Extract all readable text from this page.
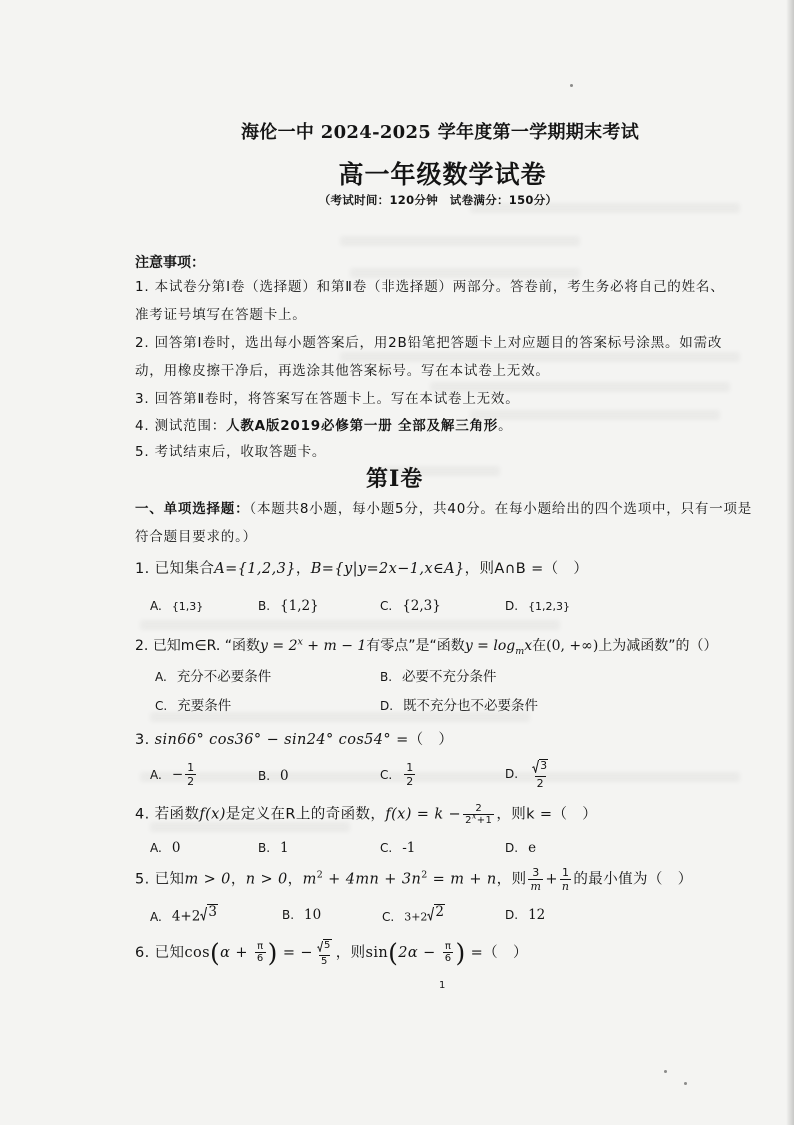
海伦一中 2024-2025 学年度第一学期期末考试
高一年级数学试卷
（考试时间：120分钟　试卷满分：150分）
注意事项：
1. 本试卷分第Ⅰ卷（选择题）和第Ⅱ卷（非选择题）两部分。答卷前，考生务必将自己的姓名、
准考证号填写在答题卡上。
2. 回答第Ⅰ卷时，选出每小题答案后，用2B铅笔把答题卡上对应题目的答案标号涂黑。如需改
动，用橡皮擦干净后，再选涂其他答案标号。写在本试卷上无效。
3. 回答第Ⅱ卷时，将答案写在答题卡上。写在本试卷上无效。
4. 测试范围：人教A版2019必修第一册 全部及解三角形。
5. 考试结束后，收取答题卡。
第Ⅰ卷
一、单项选择题：（本题共8小题，每小题5分，共40分。在每小题给出的四个选项中，只有一项是
符合题目要求的。）
1. 已知集合A={1,2,3}，B={y|y=2x−1,x∈A}，则A∩B =（　）
A. {1,3}	B. {1,2}	C. {2,3}	D. {1,2,3}
2. 已知m∈R. “函数$y = 2^x + m - 1$有零点”是“函数$y = \log_mx$在(0, +∞)上为减函数”的（）
A. 充分不必要条件	B. 必要不充分条件
C. 充要条件	D. 既不充分也不必要条件
3. sin66° cos36° − sin24° cos54° =（　）
A. − $\frac{1}{2}$	B. 0	C. $\frac{1}{2}$	D. $\frac{3}{2}$
4. 若函数f(x)是定义在R上的奇函数，$f(x) = k - \frac{2}{2^x+1}$ ，则k =（　）
A. 0	B. 1	C. -1	D. e
5. 已知m > 0，n > 0，$m^2 + 4mn + 3n^2 = m + n$，则 $\frac{3}{m} + \frac{1}{n}$ 的最小值为（　）
A. 4+2 3	B. 10	C. 3+2 2	D. 12
6. 已知$\cos(\alpha + \frac{\pi}{6}$ ) = − $\frac{5}{5}$ ，则$\sin(2\alpha - \frac{\pi}{6}$ ) =（　）
1
